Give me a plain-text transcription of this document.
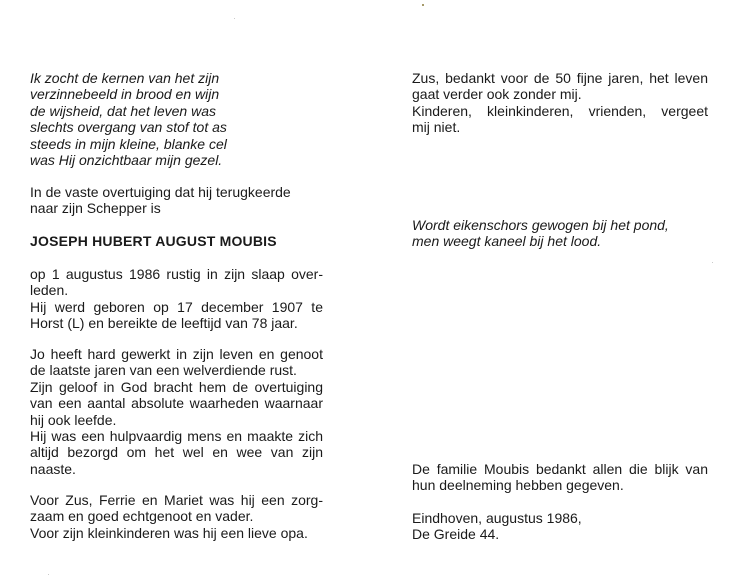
Ik zocht de kernen van het zijn
verzinnebeeld in brood en wijn
de wijsheid, dat het leven was
slechts overgang van stof tot as
steeds in mijn kleine, blanke cel
was Hij onzichtbaar mijn gezel.
In de vaste overtuiging dat hij terugkeerde
naar zijn Schepper is
JOSEPH HUBERT AUGUST MOUBIS
op 1 augustus 1986 rustig in zijn slaap over-
leden.
Hij werd geboren op 17 december 1907 te
Horst (L) en bereikte de leeftijd van 78 jaar.
Jo heeft hard gewerkt in zijn leven en genoot
de laatste jaren van een welverdiende rust.
Zijn geloof in God bracht hem de overtuiging
van een aantal absolute waarheden waarnaar
hij ook leefde.
Hij was een hulpvaardig mens en maakte zich
altijd bezorgd om het wel en wee van zijn
naaste.
Voor Zus, Ferrie en Mariet was hij een zorg-
zaam en goed echtgenoot en vader.
Voor zijn kleinkinderen was hij een lieve opa.
Zus, bedankt voor de 50 fijne jaren, het leven
gaat verder ook zonder mij.
Kinderen, kleinkinderen, vrienden, vergeet
mij niet.
Wordt eikenschors gewogen bij het pond,
men weegt kaneel bij het lood.
De familie Moubis bedankt allen die blijk van
hun deelneming hebben gegeven.
Eindhoven, augustus 1986,
De Greide 44.
